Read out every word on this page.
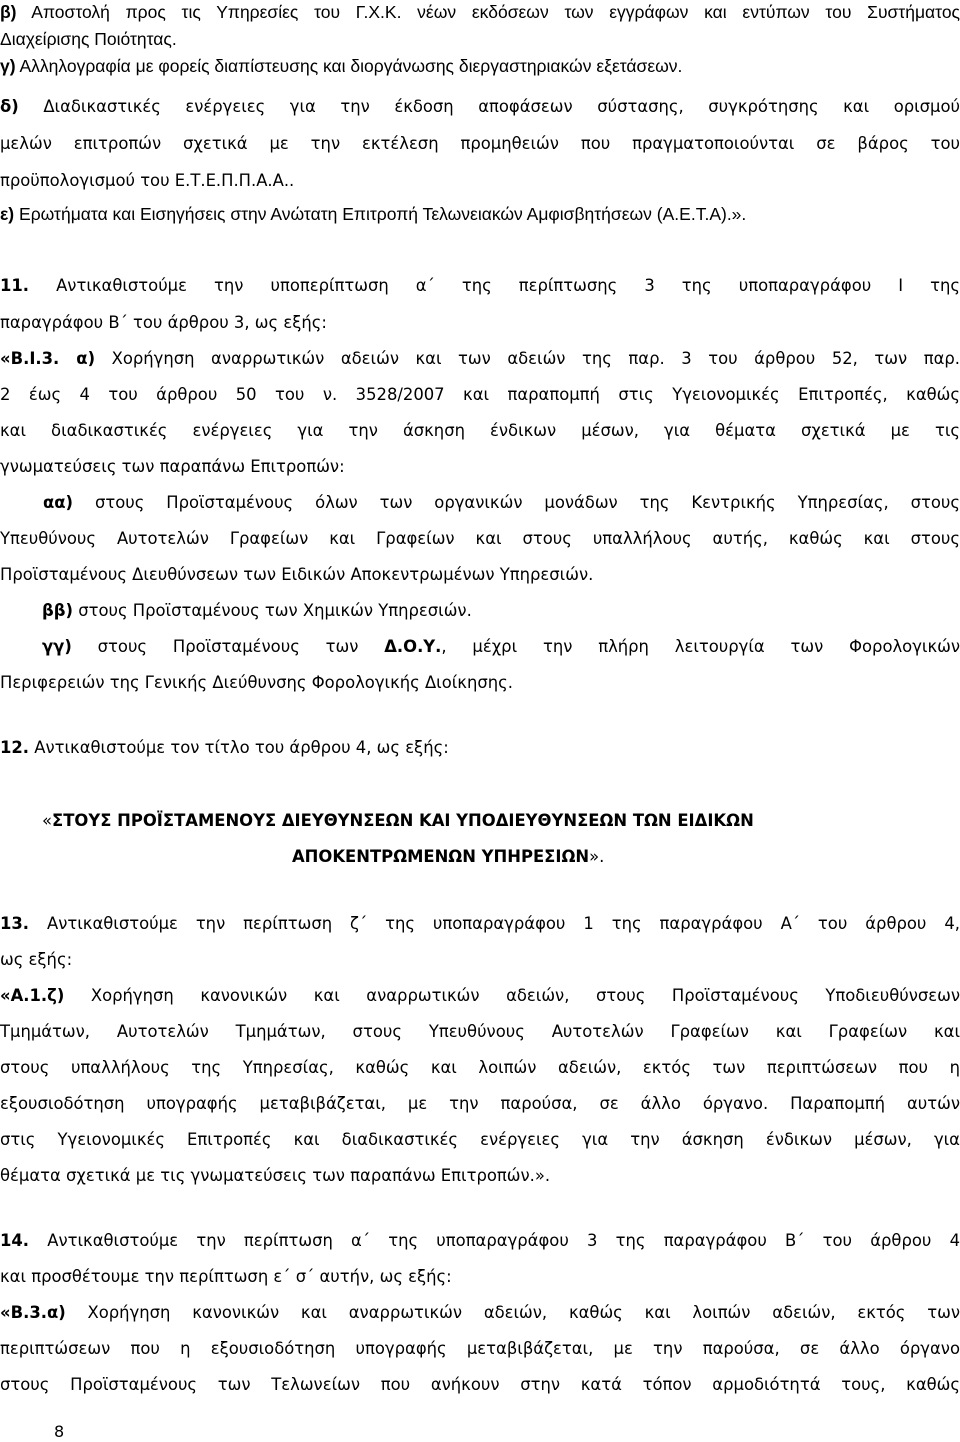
β) Αποστολή προς τις Υπηρεσίες του Γ.Χ.Κ. νέων εκδόσεων των εγγράφων και εντύπων του Συστήματος
Διαχείρισης Ποιότητας.
γ) Αλληλογραφία με φορείς διαπίστευσης και διοργάνωσης διεργαστηριακών εξετάσεων.
δ) Διαδικαστικές ενέργειες για την έκδοση αποφάσεων σύστασης, συγκρότησης και ορισμού
μελών επιτροπών σχετικά με την εκτέλεση προμηθειών που πραγματοποιούνται σε βάρος του
προϋπολογισμού του Ε.Τ.Ε.Π.Π.Α.Α..
ε) Ερωτήματα και Εισηγήσεις στην Ανώτατη Επιτροπή Τελωνειακών Αμφισβητήσεων (Α.Ε.Τ.Α).».
11. Αντικαθιστούμε την υποπερίπτωση α΄ της περίπτωσης 3 της υποπαραγράφου Ι της
παραγράφου Β΄ του άρθρου 3, ως εξής:
«Β.Ι.3. α) Χορήγηση αναρρωτικών αδειών και των αδειών της παρ. 3 του άρθρου 52, των παρ.
2 έως 4 του άρθρου 50 του ν. 3528/2007 και παραπομπή στις Υγειονομικές Επιτροπές, καθώς
και διαδικαστικές ενέργειες για την άσκηση ένδικων μέσων, για θέματα σχετικά με τις
γνωματεύσεις των παραπάνω Επιτροπών:
αα) στους Προϊσταμένους όλων των οργανικών μονάδων της Κεντρικής Υπηρεσίας, στους
Υπευθύνους Αυτοτελών Γραφείων και Γραφείων και στους υπαλλήλους αυτής, καθώς και στους
Προϊσταμένους Διευθύνσεων των Ειδικών Αποκεντρωμένων Υπηρεσιών.
ββ) στους Προϊσταμένους των Χημικών Υπηρεσιών.
γγ) στους Προϊσταμένους των Δ.Ο.Υ., μέχρι την πλήρη λειτουργία των Φορολογικών
Περιφερειών της Γενικής Διεύθυνσης Φορολογικής Διοίκησης.
12. Αντικαθιστούμε τον τίτλο του άρθρου 4, ως εξής:
«ΣΤΟΥΣ ΠΡΟΪΣΤΑΜΕΝΟΥΣ ΔΙΕΥΘΥΝΣΕΩΝ ΚΑΙ ΥΠΟΔΙΕΥΘΥΝΣΕΩΝ ΤΩΝ ΕΙΔΙΚΩΝ
ΑΠΟΚΕΝΤΡΩΜΕΝΩΝ ΥΠΗΡΕΣΙΩΝ».
13. Αντικαθιστούμε την περίπτωση ζ΄ της υποπαραγράφου 1 της παραγράφου Α΄ του άρθρου 4,
ως εξής:
«Α.1.ζ) Χορήγηση κανονικών και αναρρωτικών αδειών, στους Προϊσταμένους Υποδιευθύνσεων
Τμημάτων, Αυτοτελών Τμημάτων, στους Υπευθύνους Αυτοτελών Γραφείων και Γραφείων και
στους υπαλλήλους της Υπηρεσίας, καθώς και λοιπών αδειών, εκτός των περιπτώσεων που η
εξουσιοδότηση υπογραφής μεταβιβάζεται, με την παρούσα, σε άλλο όργανο. Παραπομπή αυτών
στις Υγειονομικές Επιτροπές και διαδικαστικές ενέργειες για την άσκηση ένδικων μέσων, για
θέματα σχετικά με τις γνωματεύσεις των παραπάνω Επιτροπών.».
14. Αντικαθιστούμε την περίπτωση α΄ της υποπαραγράφου 3 της παραγράφου Β΄ του άρθρου 4
και προσθέτουμε την περίπτωση ε΄ σ΄ αυτήν, ως εξής:
«Β.3.α) Χορήγηση κανονικών και αναρρωτικών αδειών, καθώς και λοιπών αδειών, εκτός των
περιπτώσεων που η εξουσιοδότηση υπογραφής μεταβιβάζεται, με την παρούσα, σε άλλο όργανο
στους Προϊσταμένους των Τελωνείων που ανήκουν στην κατά τόπον αρμοδιότητά τους, καθώς
8
